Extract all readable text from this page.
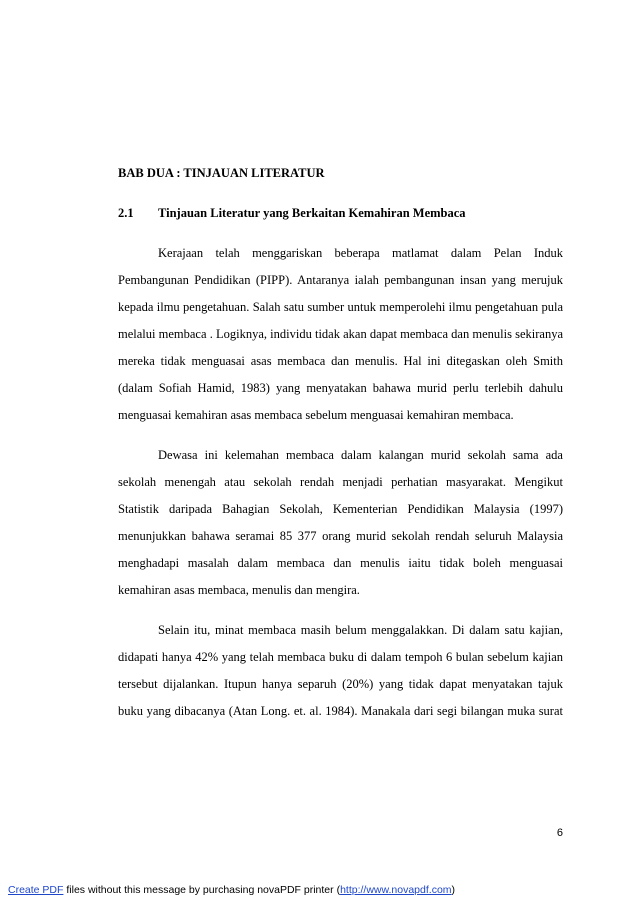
BAB DUA : TINJAUAN LITERATUR
2.1 Tinjauan Literatur yang Berkaitan Kemahiran Membaca
Kerajaan telah menggariskan beberapa matlamat dalam Pelan Induk
Pembangunan Pendidikan (PIPP). Antaranya ialah pembangunan insan yang merujuk
kepada ilmu pengetahuan. Salah satu sumber untuk memperolehi ilmu pengetahuan pula
melalui membaca . Logiknya, individu tidak akan dapat membaca dan menulis sekiranya
mereka tidak menguasai asas membaca dan menulis. Hal ini ditegaskan oleh Smith
(dalam Sofiah Hamid, 1983) yang menyatakan bahawa murid perlu terlebih dahulu
menguasai kemahiran asas membaca sebelum menguasai kemahiran membaca.
Dewasa ini kelemahan membaca dalam kalangan murid sekolah sama ada
sekolah menengah atau sekolah rendah menjadi perhatian masyarakat. Mengikut
Statistik daripada Bahagian Sekolah, Kementerian Pendidikan Malaysia (1997)
menunjukkan bahawa seramai 85 377 orang murid sekolah rendah seluruh Malaysia
menghadapi masalah dalam membaca dan menulis iaitu tidak boleh menguasai
kemahiran asas membaca, menulis dan mengira.
Selain itu, minat membaca masih belum menggalakkan. Di dalam satu kajian,
didapati hanya 42% yang telah membaca buku di dalam tempoh 6 bulan sebelum kajian
tersebut dijalankan. Itupun hanya separuh (20%) yang tidak dapat menyatakan tajuk
buku yang dibacanya (Atan Long. et. al. 1984). Manakala dari segi bilangan muka surat
6
Create PDF files without this message by purchasing novaPDF printer (http://www.novapdf.com)
